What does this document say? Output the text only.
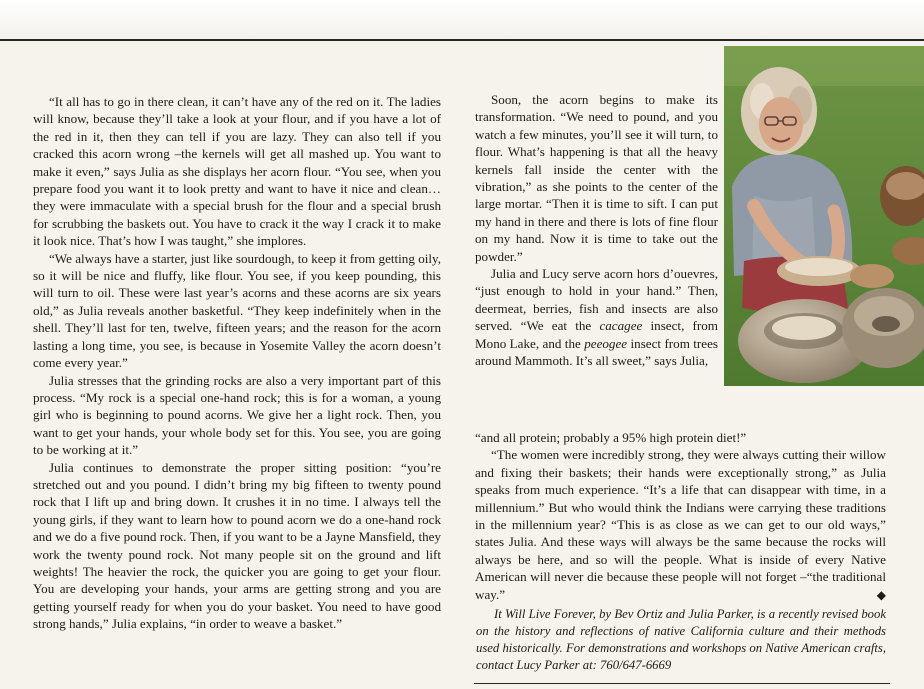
“It all has to go in there clean, it can’t have any of the red on it. The ladies will know, because they’ll take a look at your flour, and if you have a lot of the red in it, then they can tell if you are lazy. They can also tell if you cracked this acorn wrong –the kernels will get all mashed up. You want to make it even,” says Julia as she displays her acorn flour. “You see, when you prepare food you want it to look pretty and want to have it nice and clean…they were immaculate with a special brush for the flour and a special brush for scrubbing the baskets out. You have to crack it the way I crack it to make it look nice. That’s how I was taught,” she implores.

“We always have a starter, just like sourdough, to keep it from getting oily, so it will be nice and fluffy, like flour. You see, if you keep pounding, this will turn to oil. These were last year’s acorns and these acorns are six years old,” as Julia reveals another basketful. “They keep indefinitely when in the shell. They’ll last for ten, twelve, fifteen years; and the reason for the acorn lasting a long time, you see, is because in Yosemite Valley the acorn doesn’t come every year.”

Julia stresses that the grinding rocks are also a very important part of this process. “My rock is a special one-hand rock; this is for a woman, a young girl who is beginning to pound acorns. We give her a light rock. Then, you want to get your hands, your whole body set for this. You see, you are going to be working at it.”

Julia continues to demonstrate the proper sitting position: “you’re stretched out and you pound. I didn’t bring my big fifteen to twenty pound rock that I lift up and bring down. It crushes it in no time. I always tell the young girls, if they want to learn how to pound acorn we do a one-hand rock and we do a five pound rock. Then, if you want to be a Jayne Mansfield, they work the twenty pound rock. Not many people sit on the ground and lift weights! The heavier the rock, the quicker you are going to get your flour. You are developing your hands, your arms are getting strong and you are getting yourself ready for when you do your basket. You need to have good strong hands,” Julia explains, “in order to weave a basket.”

Soon, the acorn begins to make its transformation. “We need to pound, and you watch a few minutes, you’ll see it will turn, to flour. What’s happening is that all the heavy kernels fall inside the center with the vibration,” as she points to the center of the large mortar. “Then it is time to sift. I can put my hand in there and there is lots of fine flour on my hand. Now it is time to take out the powder.”

Julia and Lucy serve acorn hors d’ouevres, “just enough to hold in your hand.” Then, deermeat, berries, fish and insects are also served. “We eat the cacagee insect, from Mono Lake, and the peeogee insect from trees around Mammoth. It’s all sweet,” says Julia,

“and all protein; probably a 95% high protein diet!”

“The women were incredibly strong, they were always cutting their willow and fixing their baskets; their hands were exceptionally strong,” as Julia speaks from much experience. “It’s a life that can disappear with time, in a millennium.” But who would think the Indians were carrying these traditions in the millennium year? “This is as close as we can get to our old ways,” states Julia. And these ways will always be the same because the rocks will always be here, and so will the people. What is inside of every Native American will never die because these people will not forget –“the traditional way.”	◆

It Will Live Forever, by Bev Ortiz and Julia Parker, is a recently revised book on the history and reflections of native California culture and their methods used historically. For demonstrations and workshops on Native American crafts, contact Lucy Parker at: 760/647-6669
